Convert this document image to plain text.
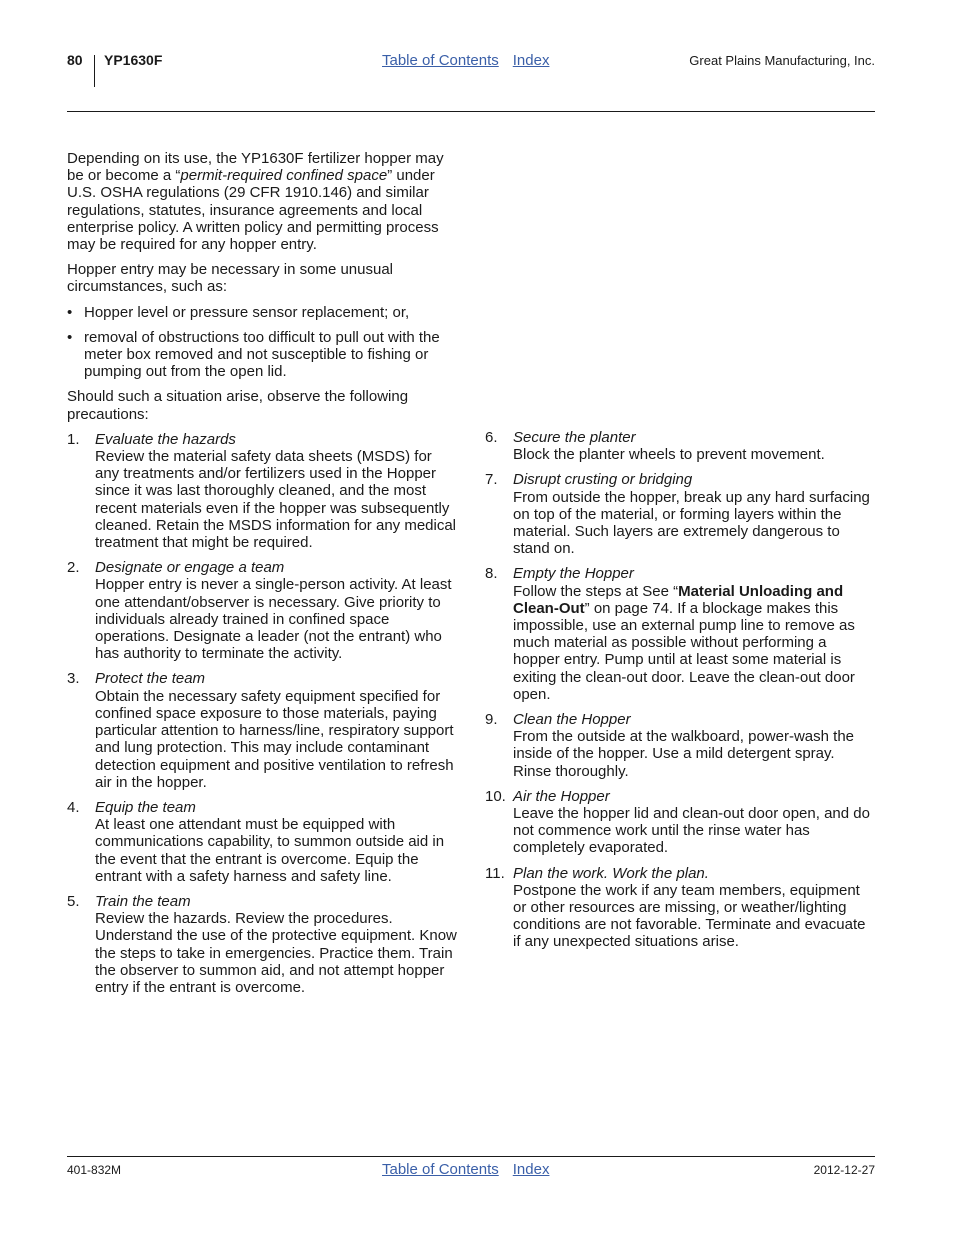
80 YP1630F	Table of Contents Index	Great Plains Manufacturing, Inc.

Depending on its use, the YP1630F fertilizer hopper may be or become a “permit-required confined space” under U.S. OSHA regulations (29 CFR 1910.146) and similar regulations, statutes, insurance agreements and local enterprise policy. A written policy and permitting process may be required for any hopper entry.

Hopper entry may be necessary in some unusual circumstances, such as:

• Hopper level or pressure sensor replacement; or,
• removal of obstructions too difficult to pull out with the meter box removed and not susceptible to fishing or pumping out from the open lid.

Should such a situation arise, observe the following precautions:

1. Evaluate the hazards
Review the material safety data sheets (MSDS) for any treatments and/or fertilizers used in the Hopper since it was last thoroughly cleaned, and the most recent materials even if the hopper was subsequently cleaned. Retain the MSDS information for any medical treatment that might be required.
2. Designate or engage a team
Hopper entry is never a single-person activity. At least one attendant/observer is necessary. Give priority to individuals already trained in confined space operations. Designate a leader (not the entrant) who has authority to terminate the activity.
3. Protect the team
Obtain the necessary safety equipment specified for confined space exposure to those materials, paying particular attention to harness/line, respiratory support and lung protection. This may include contaminant detection equipment and positive ventilation to refresh air in the hopper.
4. Equip the team
At least one attendant must be equipped with communications capability, to summon outside aid in the event that the entrant is overcome. Equip the entrant with a safety harness and safety line.
5. Train the team
Review the hazards. Review the procedures. Understand the use of the protective equipment. Know the steps to take in emergencies. Practice them. Train the observer to summon aid, and not attempt hopper entry if the entrant is overcome.
6. Secure the planter
Block the planter wheels to prevent movement.
7. Disrupt crusting or bridging
From outside the hopper, break up any hard surfacing on top of the material, or forming layers within the material. Such layers are extremely dangerous to stand on.
8. Empty the Hopper
Follow the steps at See “Material Unloading and Clean-Out” on page 74. If a blockage makes this impossible, use an external pump line to remove as much material as possible without performing a hopper entry. Pump until at least some material is exiting the clean-out door. Leave the clean-out door open.
9. Clean the Hopper
From the outside at the walkboard, power-wash the inside of the hopper. Use a mild detergent spray. Rinse thoroughly.
10. Air the Hopper
Leave the hopper lid and clean-out door open, and do not commence work until the rinse water has completely evaporated.
11. Plan the work. Work the plan.
Postpone the work if any team members, equipment or other resources are missing, or weather/lighting conditions are not favorable. Terminate and evacuate if any unexpected situations arise.
401-832M	Table of Contents Index	2012-12-27
